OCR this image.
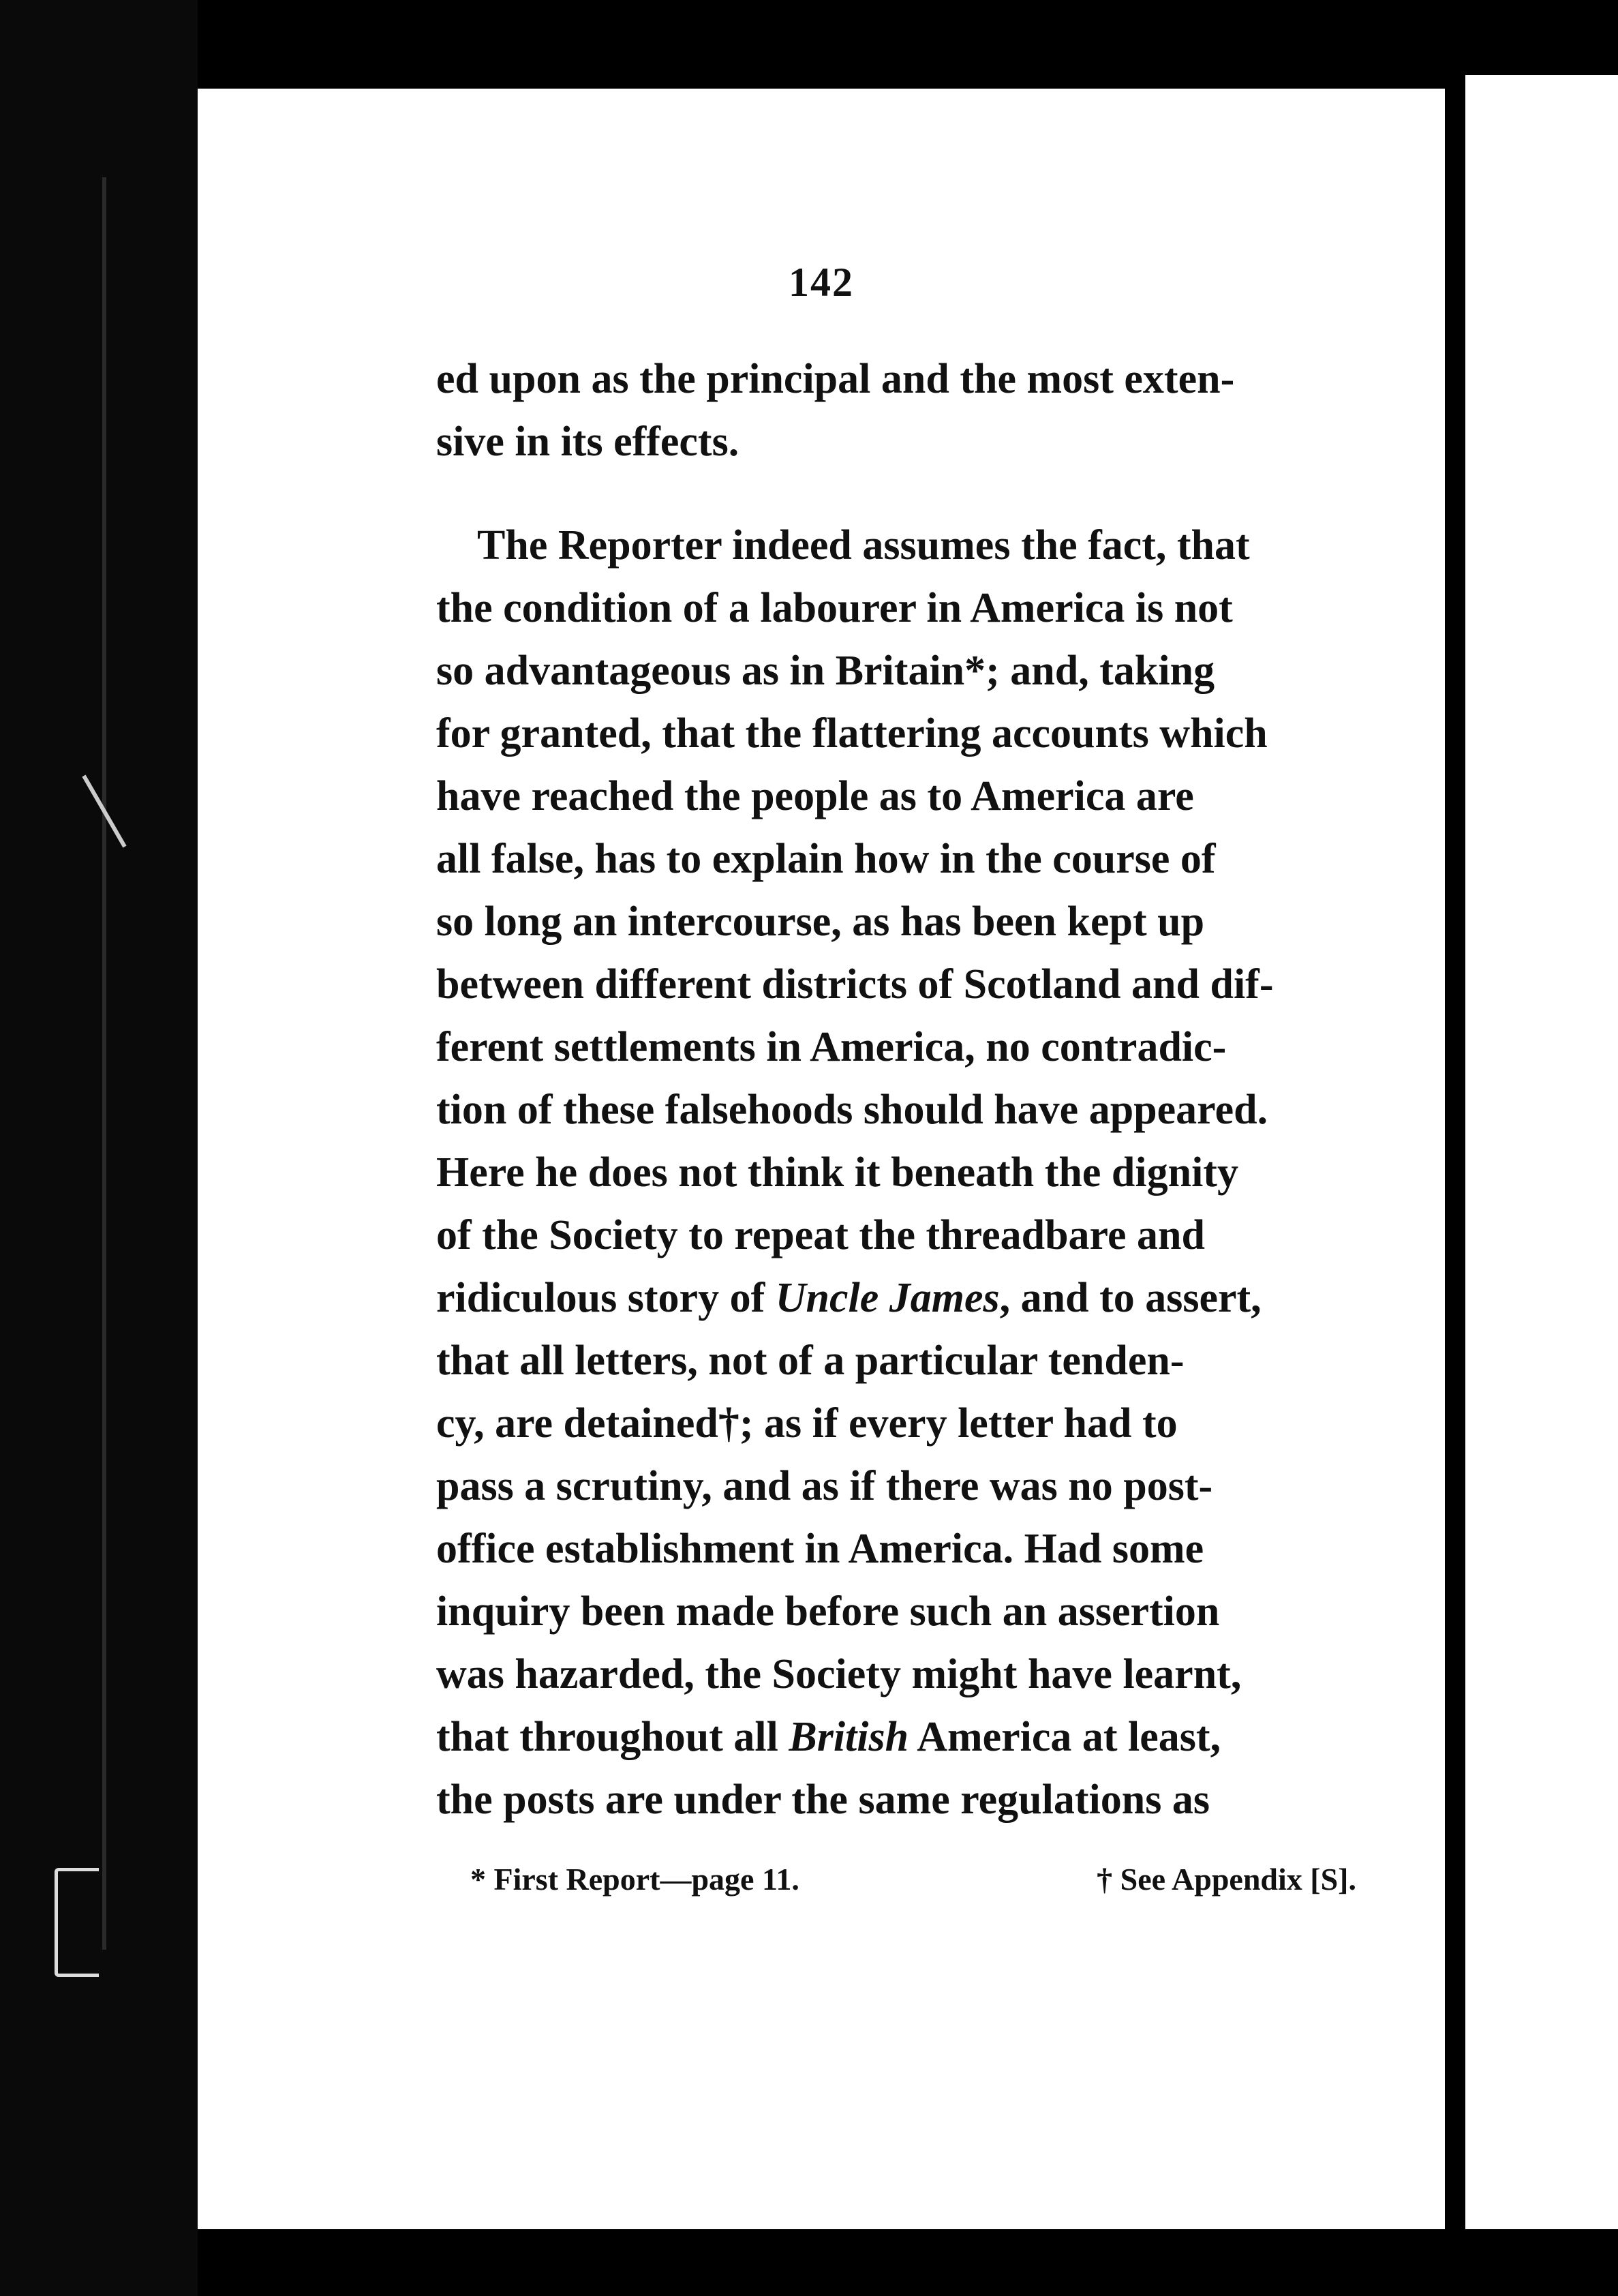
142

ed upon as the principal and the most exten-
sive in its effects.

The Reporter indeed assumes the fact, that
the condition of a labourer in America is not
so advantageous as in Britain*; and, taking
for granted, that the flattering accounts which
have reached the people as to America are
all false, has to explain how in the course of
so long an intercourse, as has been kept up
between different districts of Scotland and dif-
ferent settlements in America, no contradic-
tion of these falsehoods should have appeared.
Here he does not think it beneath the dignity
of the Society to repeat the threadbare and
ridiculous story of Uncle James, and to assert,
that all letters, not of a particular tenden-
cy, are detained†; as if every letter had to
pass a scrutiny, and as if there was no post-
office establishment in America. Had some
inquiry been made before such an assertion
was hazarded, the Society might have learnt,
that throughout all British America at least,
the posts are under the same regulations as

* First Report—page 11.	† See Appendix [S].
